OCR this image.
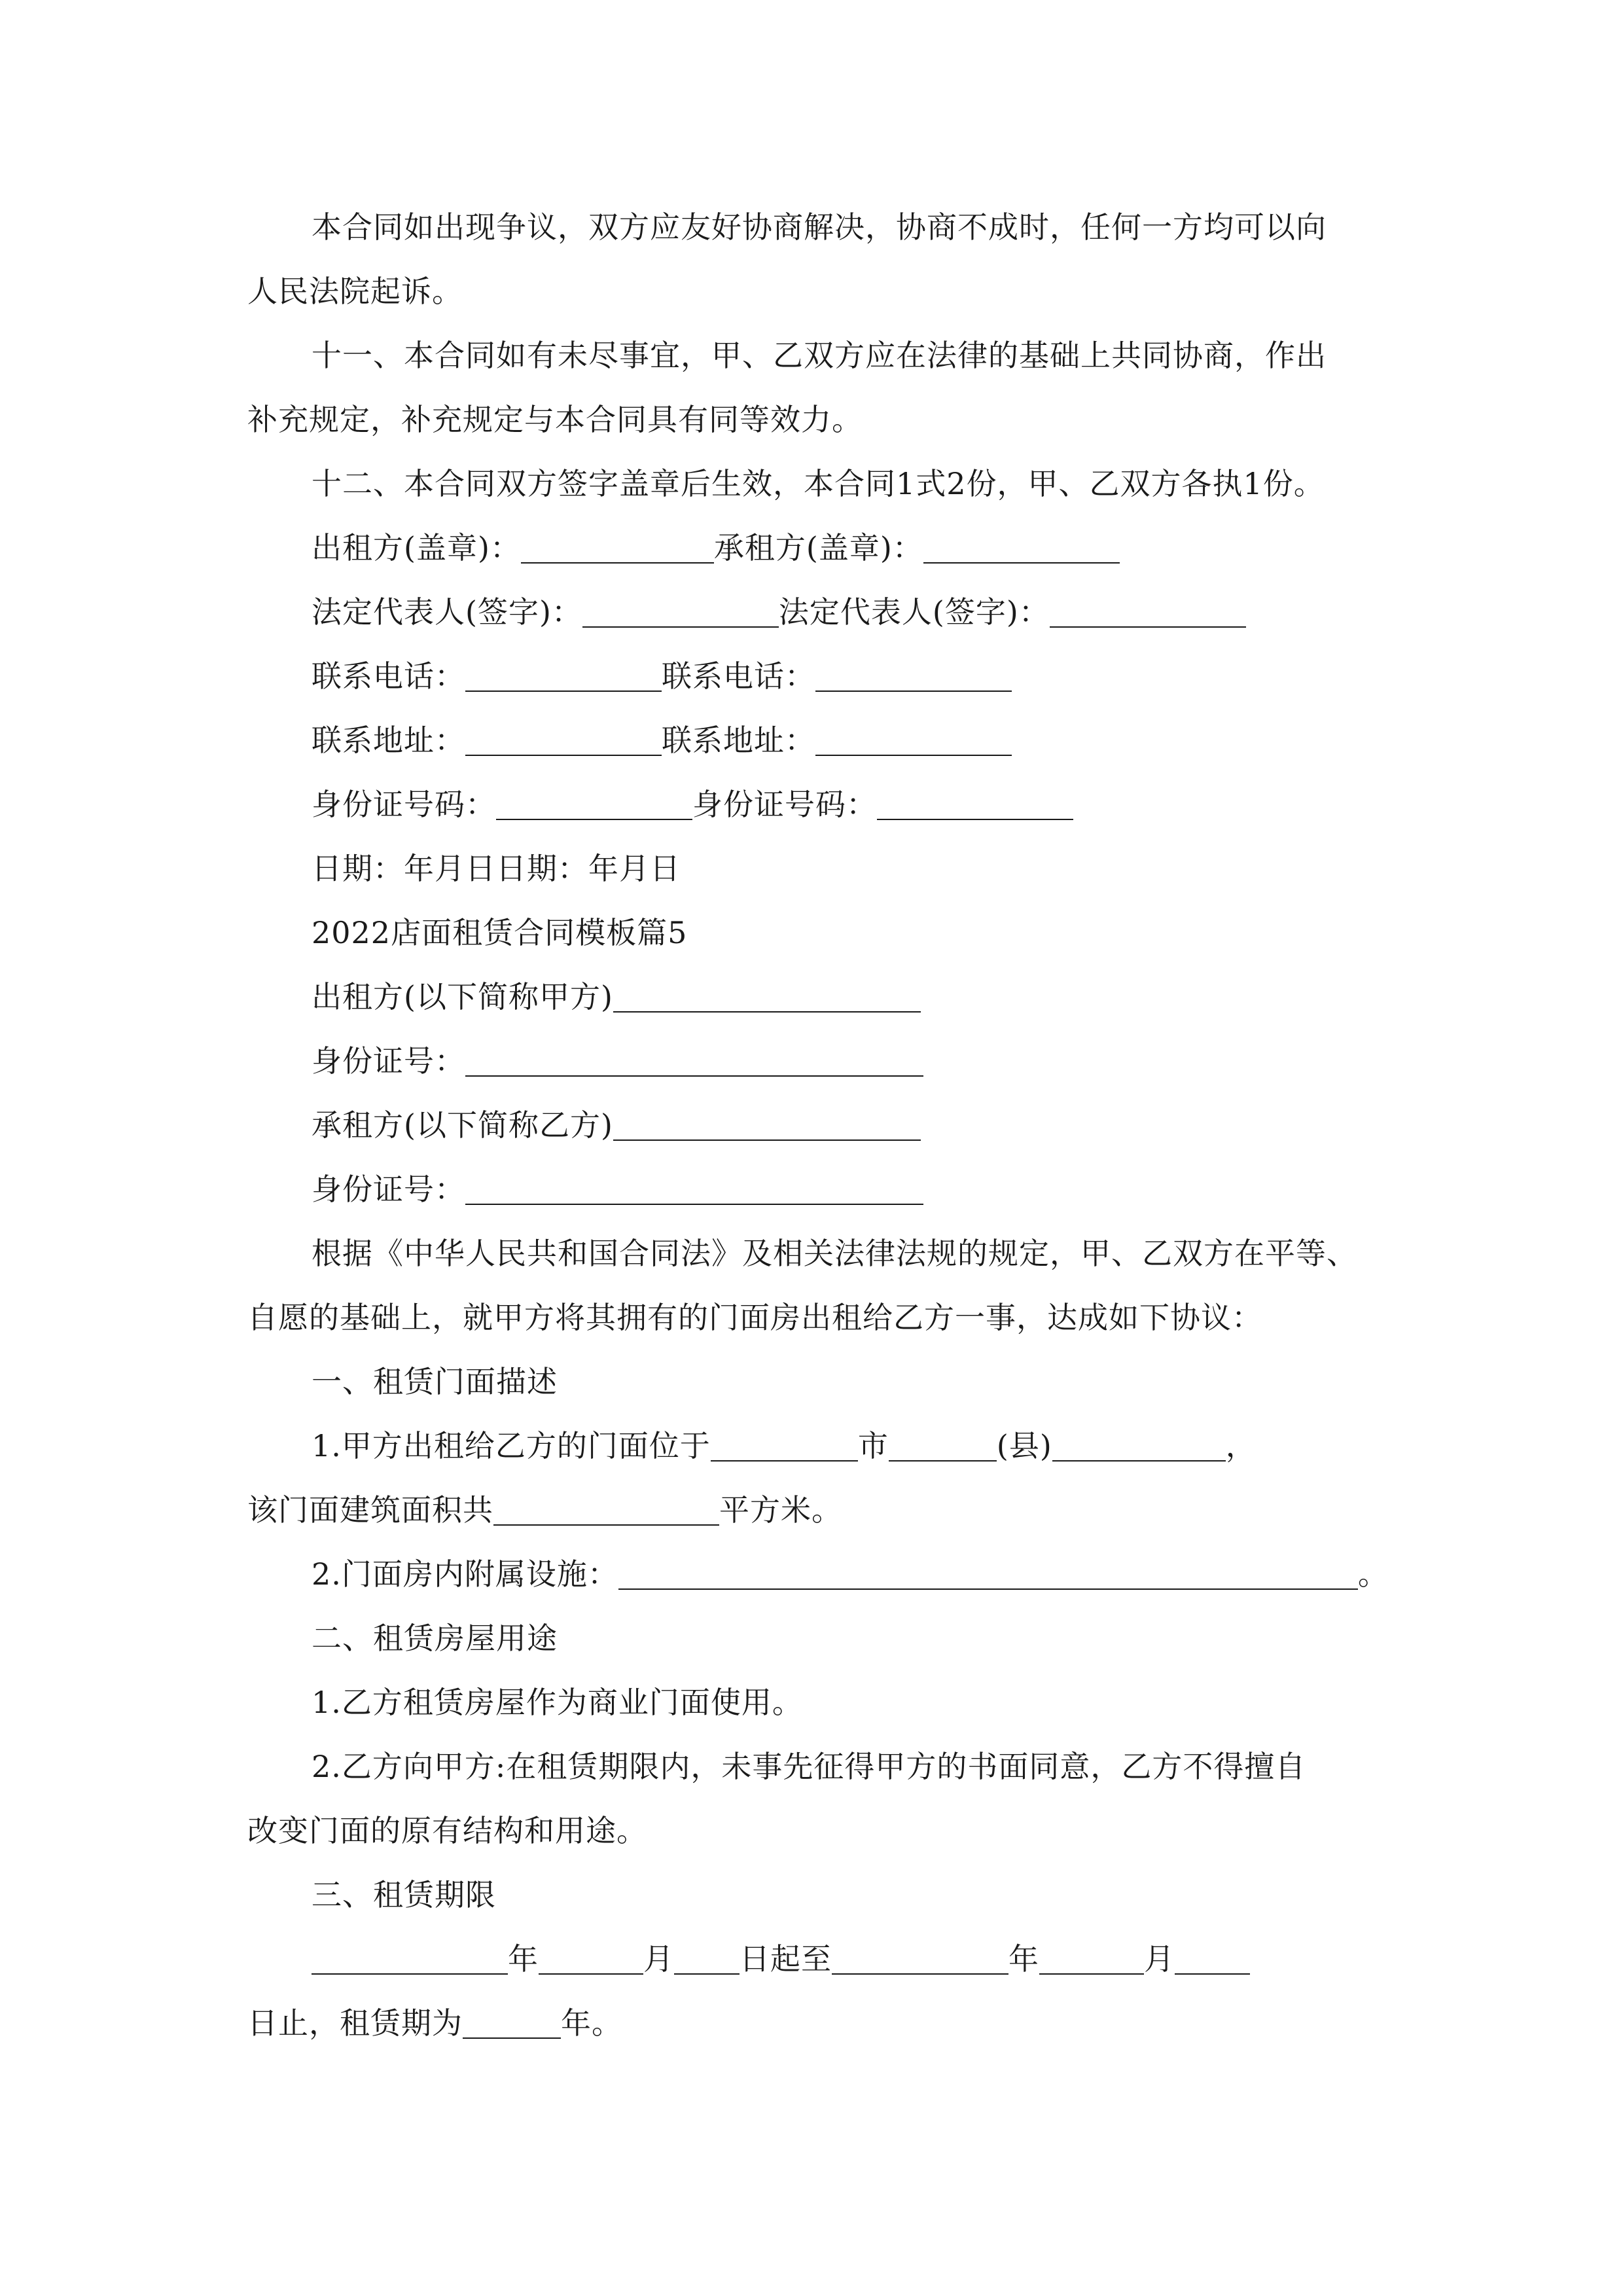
本合同如出现争议，双方应友好协商解决，协商不成时，任何一方均可以向
人民法院起诉。
十一、本合同如有未尽事宜，甲、乙双方应在法律的基础上共同协商，作出
补充规定，补充规定与本合同具有同等效力。
十二、本合同双方签字盖章后生效，本合同1式2份，甲、乙双方各执1份。
出租方(盖章)：	承租方(盖章)：
法定代表人(签字)：	法定代表人(签字)：
联系电话：	联系电话：
联系地址：	联系地址：
身份证号码：	身份证号码：
日期：年月日日期：年月日
2022店面租赁合同模板篇5
出租方(以下简称甲方)
身份证号：
承租方(以下简称乙方)
身份证号：
根据《中华人民共和国合同法》及相关法律法规的规定，甲、乙双方在平等、
自愿的基础上，就甲方将其拥有的门面房出租给乙方一事，达成如下协议：
一、租赁门面描述
1.甲方出租给乙方的门面位于	市	(县)	，
该门面建筑面积共	平方米。
2.门面房内附属设施：	。
二、租赁房屋用途
1.乙方租赁房屋作为商业门面使用。
2.乙方向甲方:在租赁期限内，未事先征得甲方的书面同意，乙方不得擅自
改变门面的原有结构和用途。
三、租赁期限
年	月 日起至	年	月
日止，租赁期为	年。
